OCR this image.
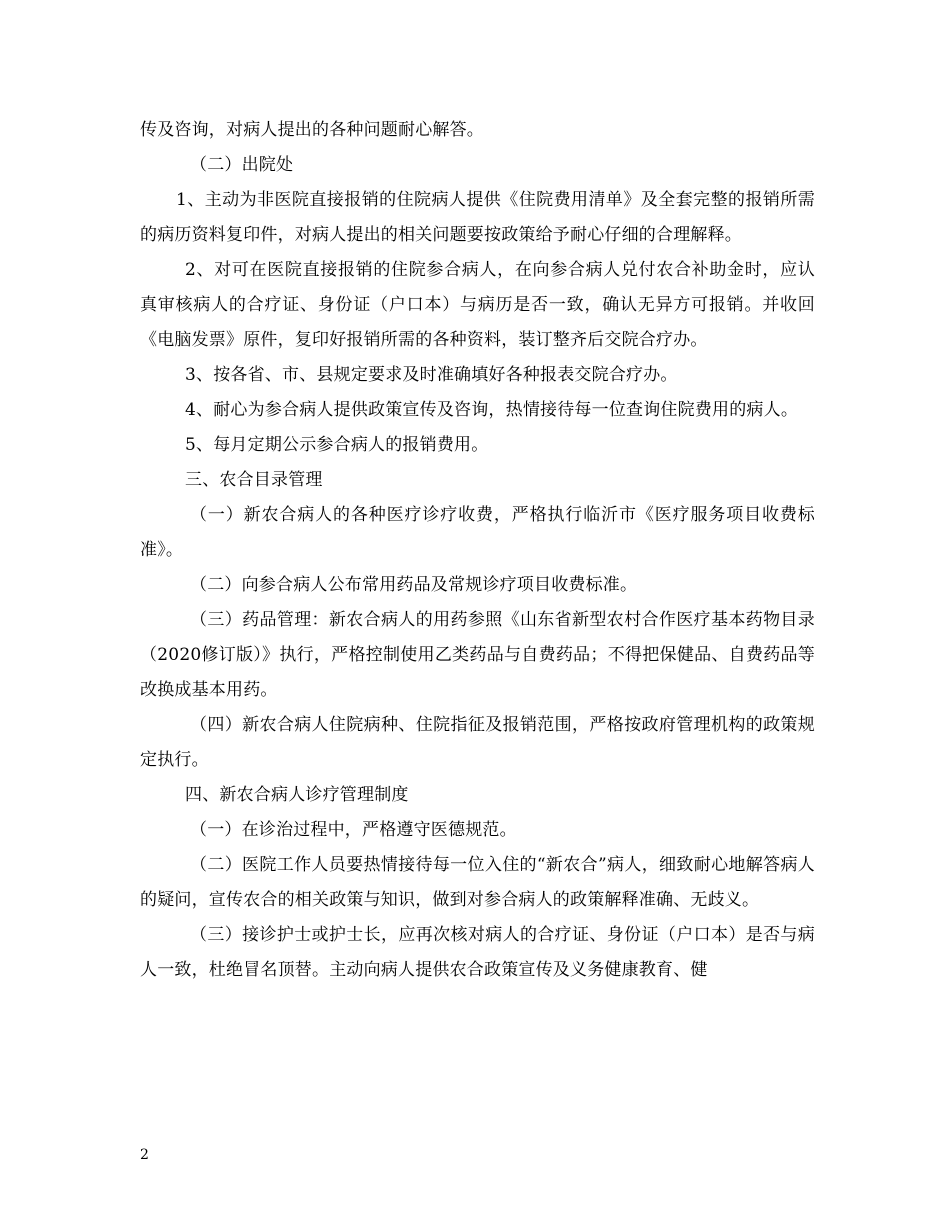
传及咨询，对病人提出的各种问题耐心解答。

（二）出院处

1、主动为非医院直接报销的住院病人提供《住院费用清单》及全套完整的报销所需的病历资料复印件，对病人提出的相关问题要按政策给予耐心仔细的合理解释。

2、对可在医院直接报销的住院参合病人，在向参合病人兑付农合补助金时，应认真审核病人的合疗证、身份证（户口本）与病历是否一致，确认无异方可报销。并收回《电脑发票》原件，复印好报销所需的各种资料，装订整齐后交院合疗办。

3、按各省、市、县规定要求及时准确填好各种报表交院合疗办。

4、耐心为参合病人提供政策宣传及咨询，热情接待每一位查询住院费用的病人。

5、每月定期公示参合病人的报销费用。

三、农合目录管理

（一）新农合病人的各种医疗诊疗收费，严格执行临沂市《医疗服务项目收费标准》。

（二）向参合病人公布常用药品及常规诊疗项目收费标准。

（三）药品管理：新农合病人的用药参照《山东省新型农村合作医疗基本药物目录（2020修订版）》执行，严格控制使用乙类药品与自费药品；不得把保健品、自费药品等改换成基本用药。

（四）新农合病人住院病种、住院指征及报销范围，严格按政府管理机构的政策规定执行。

四、新农合病人诊疗管理制度

（一）在诊治过程中，严格遵守医德规范。

（二）医院工作人员要热情接待每一位入住的“新农合”病人，细致耐心地解答病人的疑问，宣传农合的相关政策与知识，做到对参合病人的政策解释准确、无歧义。

（三）接诊护士或护士长，应再次核对病人的合疗证、身份证（户口本）是否与病人一致，杜绝冒名顶替。主动向病人提供农合政策宣传及义务健康教育、健

2
